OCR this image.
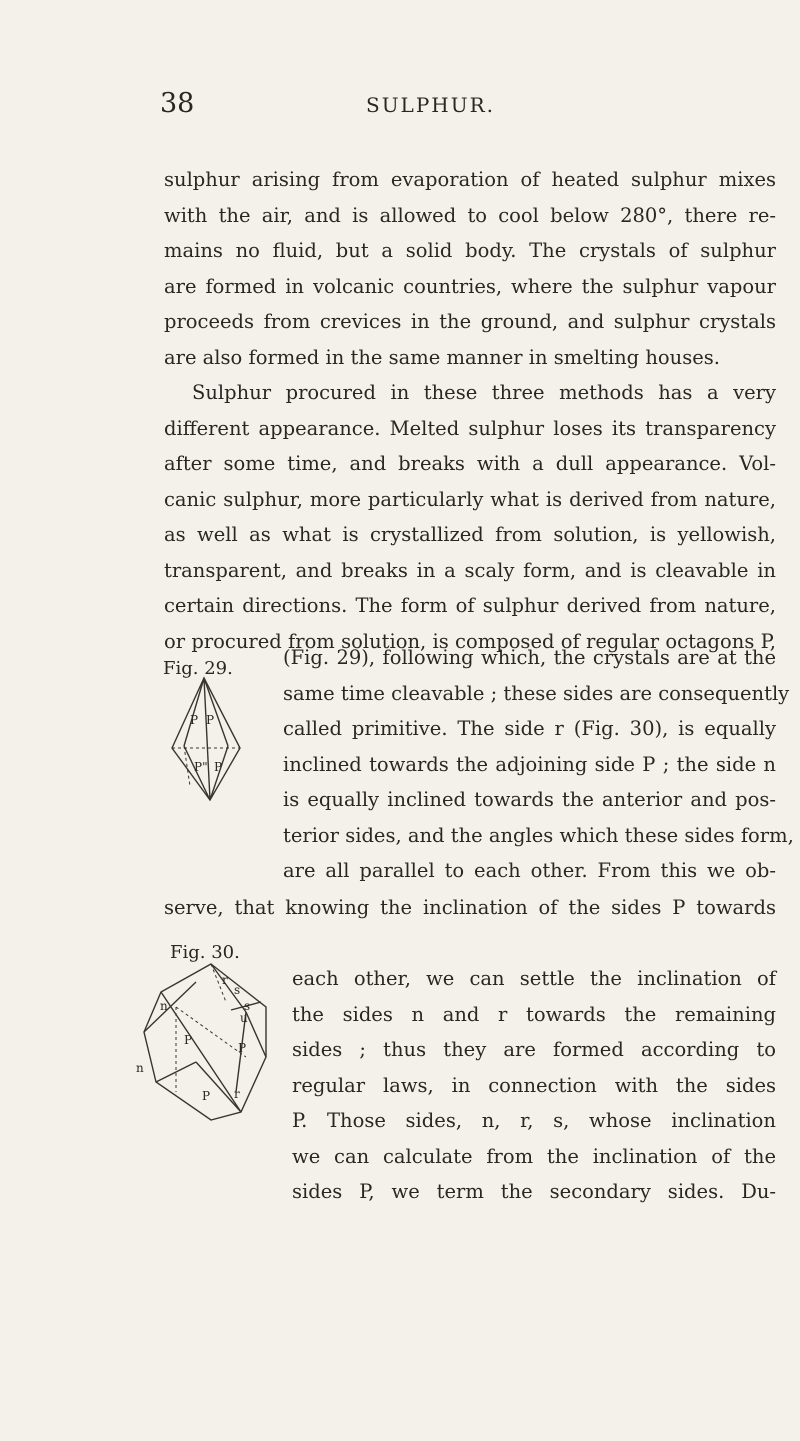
38	SULPHUR.
sulphur arising from evaporation of heated sulphur mixes
with the air, and is allowed to cool below 280°, there re-
mains no fluid, but a solid body. The crystals of sulphur
are formed in volcanic countries, where the sulphur vapour
proceeds from crevices in the ground, and sulphur crystals
are also formed in the same manner in smelting houses.
Sulphur procured in these three methods has a very
different appearance. Melted sulphur loses its transparency
after some time, and breaks with a dull appearance. Vol-
canic sulphur, more particularly what is derived from nature,
as well as what is crystallized from solution, is yellowish,
transparent, and breaks in a scaly form, and is cleavable in
certain directions. The form of sulphur derived from nature,
or procured from solution, is composed of regular octagons P,
Fig. 29.
P P
P" P
(Fig. 29), following which, the crystals are at the
same time cleavable ; these sides are consequently
called primitive. The side r (Fig. 30), is equally
inclined towards the adjoining side P ; the side n
is equally inclined towards the anterior and pos-
terior sides, and the angles which these sides form,
are all parallel to each other. From this we ob-
serve, that knowing the inclination of the sides P towards
Fig. 30.
r
s
n	s
u
P
P
n
P r
each other, we can settle the inclination of
the sides n and r towards the remaining
sides ; thus they are formed according to
regular laws, in connection with the sides
P. Those sides, n, r, s, whose inclination
we can calculate from the inclination of the
sides P, we term the secondary sides. Du-
